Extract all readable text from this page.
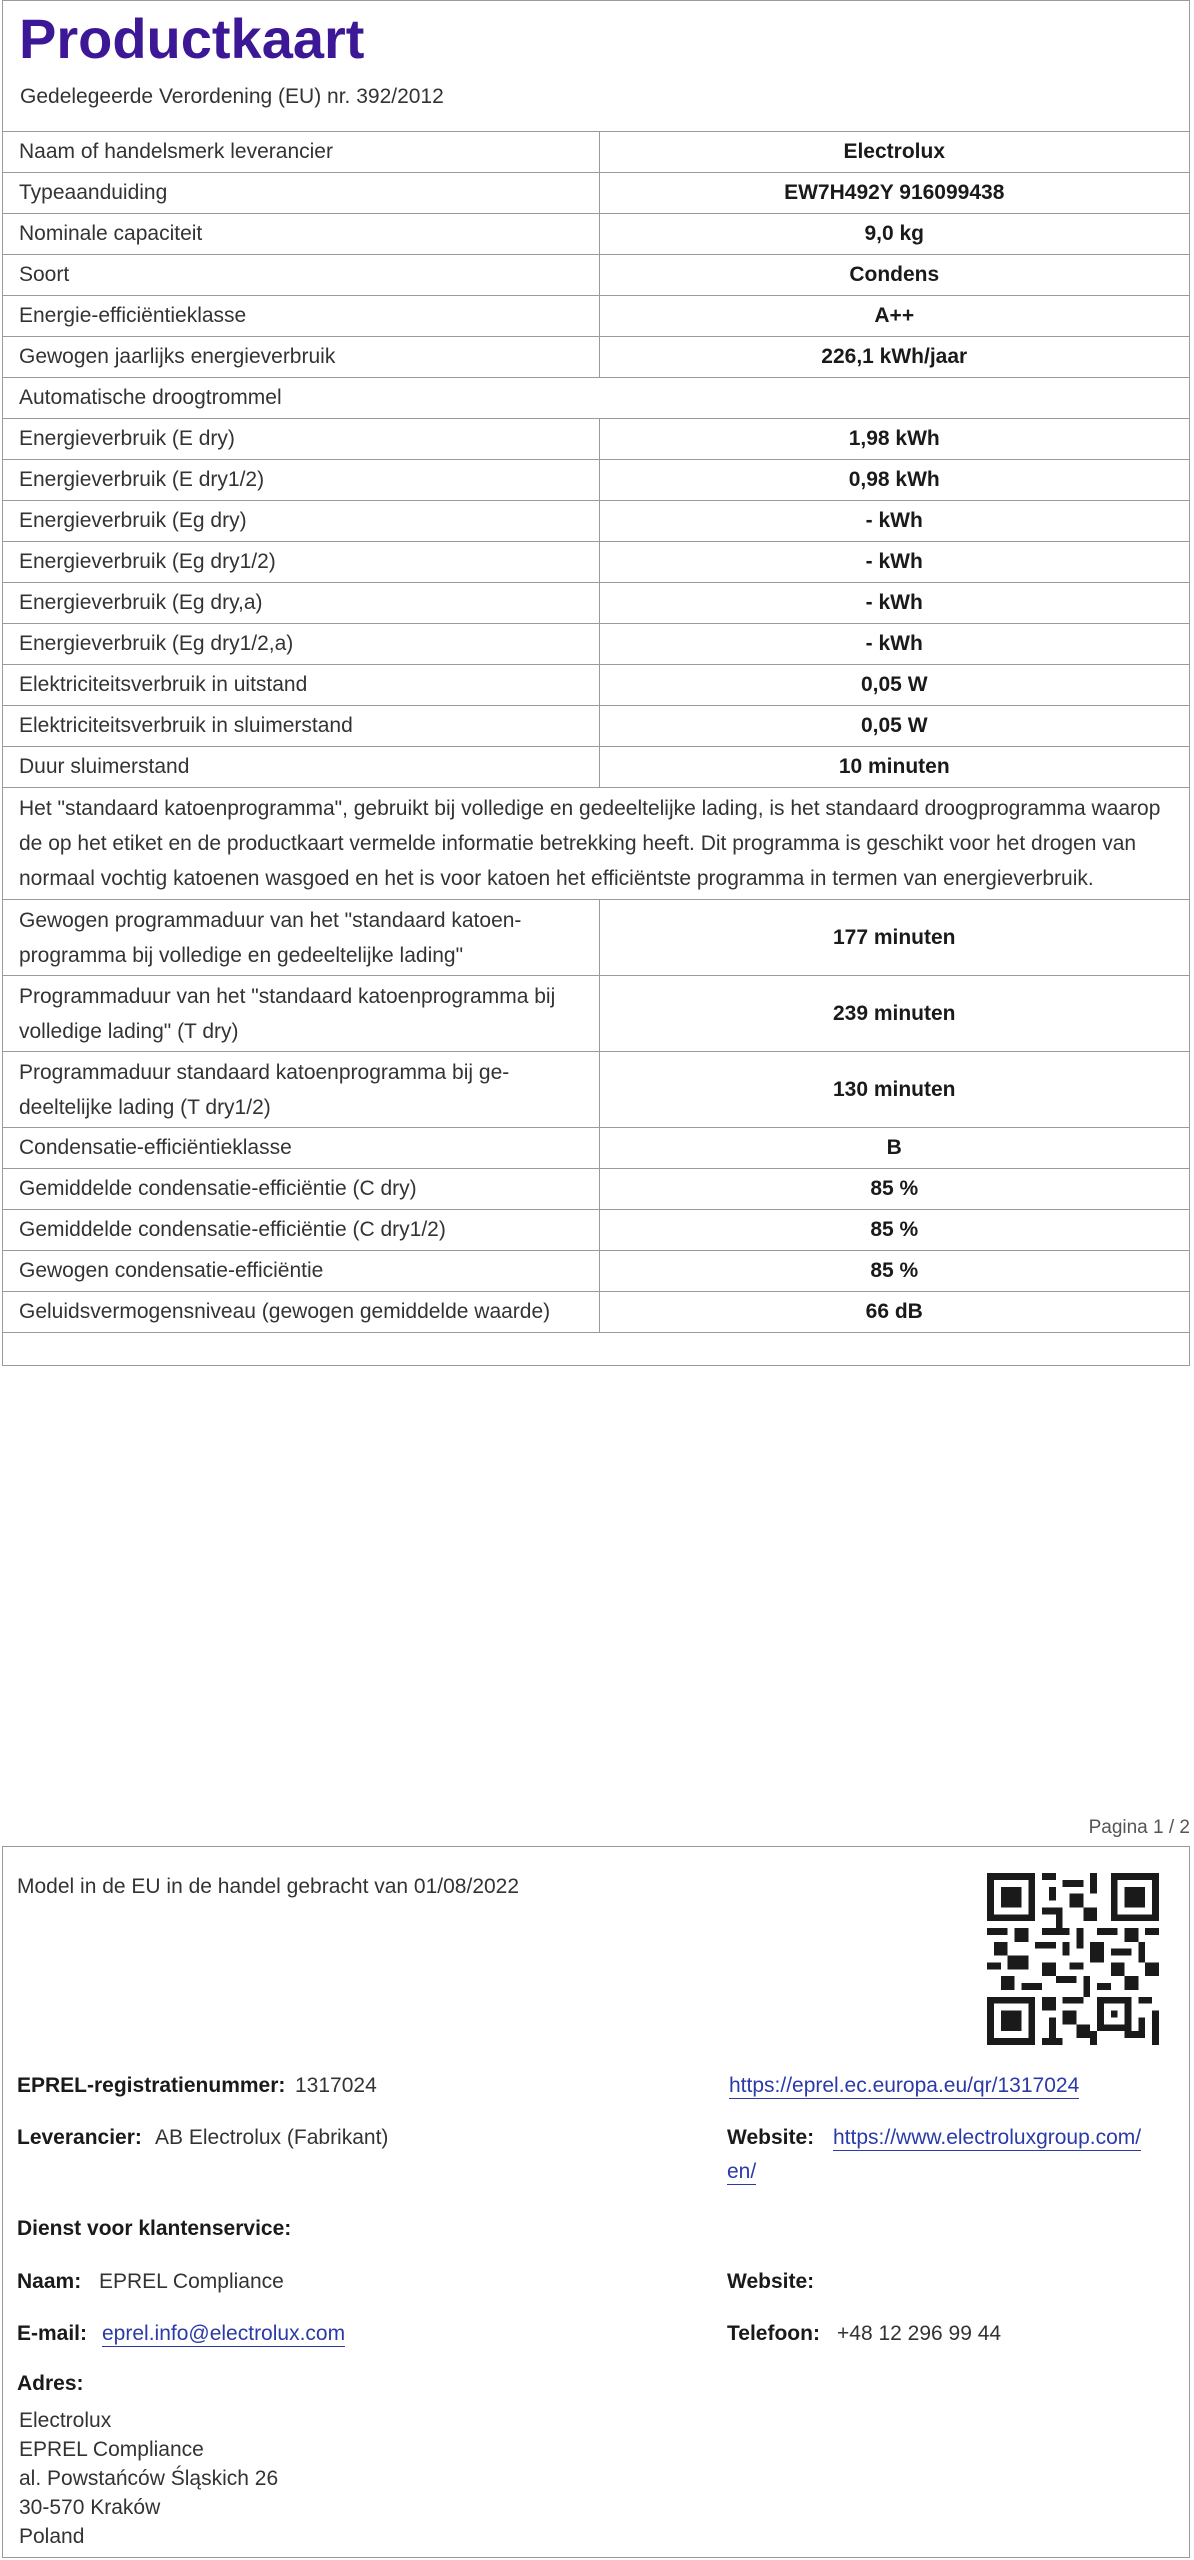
Productkaart
Gedelegeerde Verordening (EU) nr. 392/2012
Naam of handelsmerk leverancier	Electrolux
Typeaanduiding	EW7H492Y 916099438
Nominale capaciteit	9,0 kg
Soort	Condens
Energie-efficiëntieklasse	A++
Gewogen jaarlijks energieverbruik	226,1 kWh/jaar
Automatische droogtrommel	
Energieverbruik (E dry)	1,98 kWh
Energieverbruik (E dry1/2)	0,98 kWh
Energieverbruik (Eg dry)	- kWh
Energieverbruik (Eg dry1/2)	- kWh
Energieverbruik (Eg dry,a)	- kWh
Energieverbruik (Eg dry1/2,a)	- kWh
Elektriciteitsverbruik in uitstand	0,05 W
Elektriciteitsverbruik in sluimerstand	0,05 W
Duur sluimerstand	10 minuten
Het "standaard katoenprogramma", gebruikt bij volledige en gedeeltelijke lading, is het standaard droogprogramma waarop de op het etiket en de productkaart vermelde informatie betrekking heeft. Dit programma is geschikt voor het drogen van normaal vochtig katoenen wasgoed en het is voor katoen het efficiëntste programma in termen van energieverbruik.	
Gewogen programmaduur van het "standaard katoen-programma bij volledige en gedeeltelijke lading"	177 minuten
Programmaduur van het "standaard katoenprogramma bij volledige lading" (T dry)	239 minuten
Programmaduur standaard katoenprogramma bij ge-deeltelijke lading (T dry1/2)	130 minuten
Condensatie-efficiëntieklasse	B
Gemiddelde condensatie-efficiëntie (C dry)	85 %
Gemiddelde condensatie-efficiëntie (C dry1/2)	85 %
Gewogen condensatie-efficiëntie	85 %
Geluidsvermogensniveau (gewogen gemiddelde waarde)	66 dB
Pagina 1 / 2
Model in de EU in de handel gebracht van 01/08/2022
EPREL-registratienummer: 1317024	https://eprel.ec.europa.eu/qr/1317024
Leverancier: AB Electrolux (Fabrikant)	Website: https://www.electroluxgroup.com/
en/
Dienst voor klantenservice:
Naam: EPREL Compliance	Website:
E-mail: eprel.info@electrolux.com	Telefoon: +48 12 296 99 44
Adres:
Electrolux
EPREL Compliance
al. Powstańców Śląskich 26
30-570 Kraków
Poland
